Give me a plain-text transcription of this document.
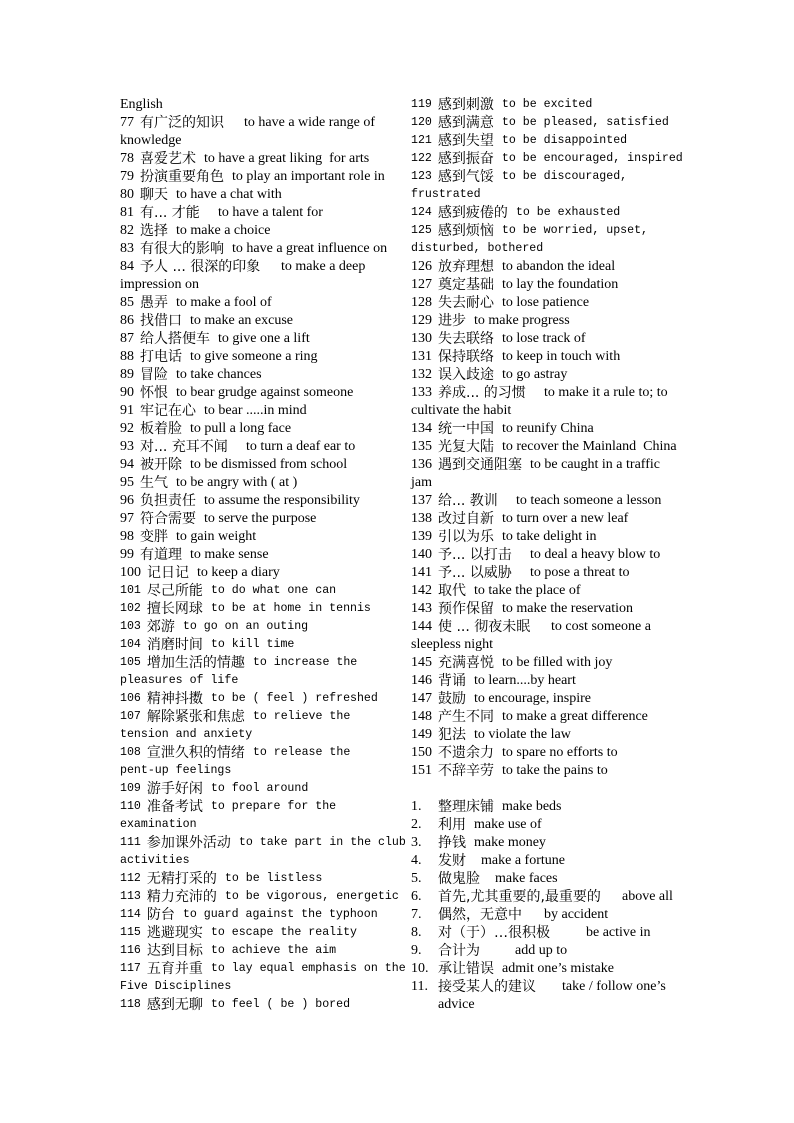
English
77 有广泛的知识 to have a wide range of
knowledge
78 喜爱艺术 to have a great liking  for arts
79 扮演重要角色 to play an important role in
80 聊天 to have a chat with
81 有... 才能 to have a talent for
82 选择 to make a choice
83 有很大的影响 to have a great influence on
84 予人 ... 很深的印象 to make a deep
impression on
85 愚弄 to make a fool of
86 找借口 to make an excuse
87 给人搭便车 to give one a lift
88 打电话 to give someone a ring
89 冒险 to take chances
90 怀恨 to bear grudge against someone
91 牢记在心 to bear .....in mind
92 板着脸 to pull a long face
93 对... 充耳不闻 to turn a deaf ear to
94 被开除 to be dismissed from school
95 生气 to be angry with ( at )
96 负担责任 to assume the responsibility
97 符合需要 to serve the purpose
98 变胖 to gain weight
99 有道理 to make sense
100 记日记 to keep a diary
101 尽己所能 to do what one can
102 擅长网球 to be at home in tennis
103 郊游 to go on an outing
104 消磨时间 to kill time
105 增加生活的情趣 to increase the
pleasures of life
106 精神抖擞 to be ( feel ) refreshed
107 解除紧张和焦虑 to relieve the
tension and anxiety
108 宣泄久积的情绪 to release the
pent-up feelings
109 游手好闲 to fool around
110 准备考试 to prepare for the
examination
111 参加课外活动 to take part in the club
activities
112 无精打采的 to be listless
113 精力充沛的 to be vigorous, energetic
114 防台 to guard against the typhoon
115 逃避现实 to escape the reality
116 达到目标 to achieve the aim
117 五育并重 to lay equal emphasis on the
Five Disciplines
118 感到无聊 to feel ( be ) bored
119 感到刺激 to be excited
120 感到满意 to be pleased, satisfied
121 感到失望 to be disappointed
122 感到振奋 to be encouraged, inspired
123 感到气馁 to be discouraged,
frustrated
124 感到疲倦的 to be exhausted
125 感到烦恼 to be worried, upset,
disturbed, bothered
126 放弃理想 to abandon the ideal
127 奠定基础 to lay the foundation
128 失去耐心 to lose patience
129 进步 to make progress
130 失去联络 to lose track of
131 保持联络 to keep in touch with
132 误入歧途 to go astray
133 养成... 的习惯 to make it a rule to; to
cultivate the habit
134 统一中国 to reunify China
135 光复大陆 to recover the Mainland  China
136 遇到交通阻塞 to be caught in a traffic
jam
137 给... 教训 to teach someone a lesson
138 改过自新 to turn over a new leaf
139 引以为乐 to take delight in
140 予... 以打击 to deal a heavy blow to
141 予... 以威胁 to pose a threat to
142 取代 to take the place of
143 预作保留 to make the reservation
144 使 ... 彻夜未眠 to cost someone a
sleepless night
145 充满喜悦 to be filled with joy
146 背诵 to learn....by heart
147 鼓励 to encourage, inspire
148 产生不同 to make a great difference
149 犯法 to violate the law
150 不遗余力 to spare no efforts to
151 不辞辛劳 to take the pains to
1. 整理床铺 make beds
2. 利用 make use of
3. 挣钱 make money
4. 发财 make a fortune
5. 做鬼脸 make faces
6. 首先,尤其重要的,最重要的 above all
7. 偶然，无意中 by accident
8. 对（于）…很积极	be active in
9. 合计为	add up to
10. 承让错误 admit one’s mistake
11. 接受某人的建议 take / follow one’s
advice
